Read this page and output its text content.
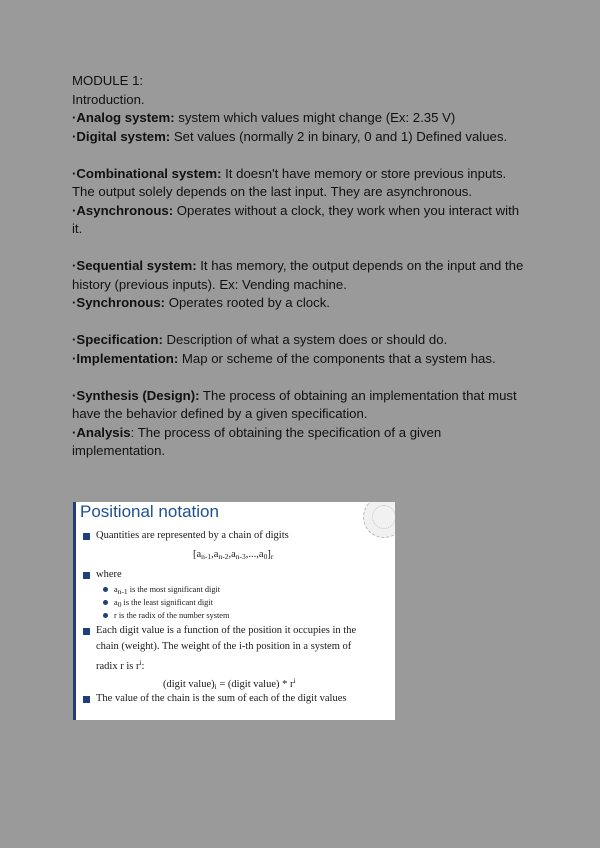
MODULE 1:

Introduction.

·Analog system: system which values might change (Ex: 2.35 V)

·Digital system: Set values (normally 2 in binary, 0 and 1) Defined values.

·Combinational system: It doesn't have memory or store previous inputs. The output solely depends on the last input. They are asynchronous.

·Asynchronous: Operates without a clock, they work when you interact with it.

·Sequential system: It has memory, the output depends on the input and the history (previous inputs). Ex: Vending machine.

·Synchronous: Operates rooted by a clock.

·Specification: Description of what a system does or should do.

·Implementation: Map or scheme of the components that a system has.

·Synthesis (Design): The process of obtaining an implementation that must have the behavior defined by a given specification.

·Analysis: The process of obtaining the specification of a given implementation.

Positional notation
Quantities are represented by a chain of digits
$[a_{n-1},a_{n-2},a_{n-3},...,a_0]_r$
where
an-1 is the most significant digit
a0 is the least significant digit
r is the radix of the number system
Each digit value is a function of the position it occupies in the
chain (weight). The weight of the i-th position in a system of
radix r is $r^i$:
(digit $value)_i$ = (digit value) * $r^i$
The value of the chain is the sum of each of the digit values
